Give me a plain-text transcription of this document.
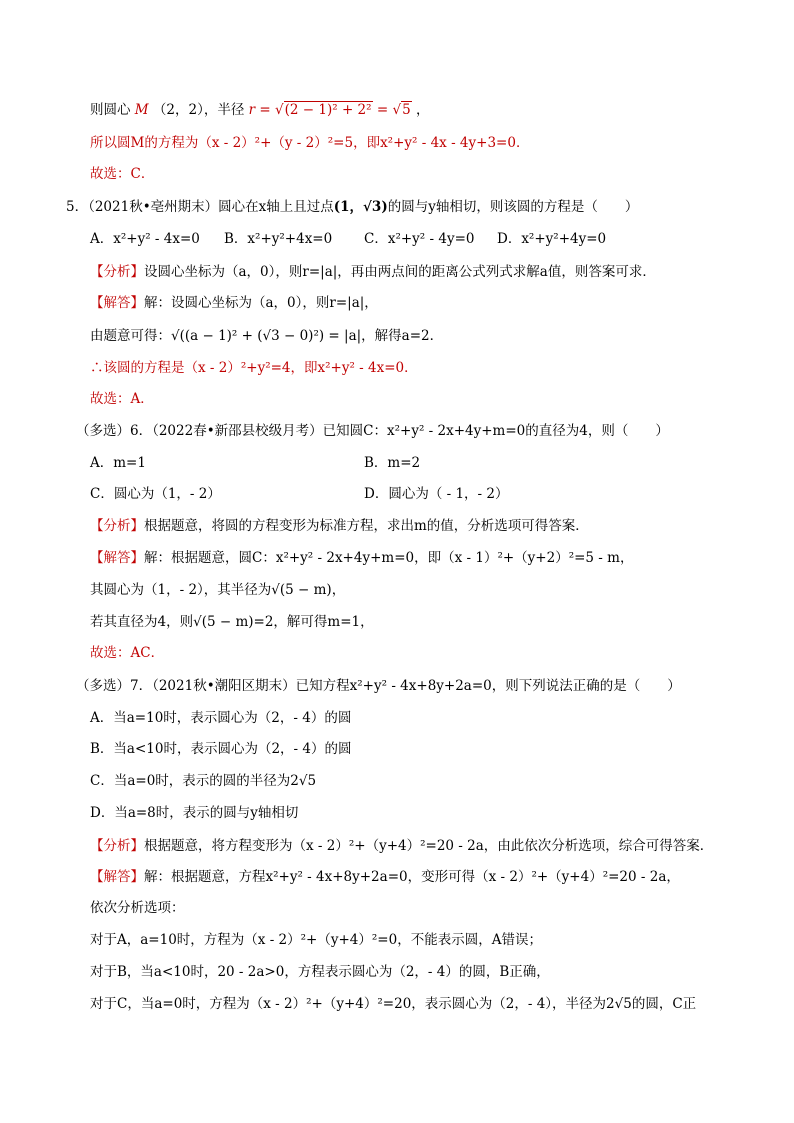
则圆心 M （2，2），半径 r = √(2 − 1)² + 2² = √5 ，
所以圆M的方程为（x - 2）²+（y - 2）²=5，即x²+y² - 4x - 4y+3=0．
故选：C．
5．（2021秋•亳州期末）圆心在x轴上且过点(1，√3)的圆与y轴相切，则该圆的方程是（　　）
A．x²+y² - 4x=0 B．x²+y²+4x=0 C．x²+y² - 4y=0 D．x²+y²+4y=0
【分析】设圆心坐标为（a，0），则r=|a|，再由两点间的距离公式列式求解a值，则答案可求．
【解答】解：设圆心坐标为（a，0），则r=|a|，
由题意可得：√((a − 1)² + (√3 − 0)²) = |a|，解得a=2．
∴该圆的方程是（x - 2）²+y²=4，即x²+y² - 4x=0．
故选：A．
（多选）6．（2022春•新邵县校级月考）已知圆C：x²+y² - 2x+4y+m=0的直径为4，则（　　）
A．m=1	B．m=2
C．圆心为（1，- 2）	D．圆心为（ - 1，- 2）
【分析】根据题意，将圆的方程变形为标准方程，求出m的值，分析选项可得答案．
【解答】解：根据题意，圆C：x²+y² - 2x+4y+m=0，即（x - 1）²+（y+2）²=5 - m，
其圆心为（1，- 2），其半径为√(5 − m)，
若其直径为4，则√(5 − m)=2，解可得m=1，
故选：AC．
（多选）7．（2021秋•潮阳区期末）已知方程x²+y² - 4x+8y+2a=0，则下列说法正确的是（　　）
A．当a=10时，表示圆心为（2，- 4）的圆
B．当a<10时，表示圆心为（2，- 4）的圆
C．当a=0时，表示的圆的半径为2√5
D．当a=8时，表示的圆与y轴相切
【分析】根据题意，将方程变形为（x - 2）²+（y+4）²=20 - 2a，由此依次分析选项，综合可得答案．
【解答】解：根据题意，方程x²+y² - 4x+8y+2a=0，变形可得（x - 2）²+（y+4）²=20 - 2a，
依次分析选项：
对于A，a=10时，方程为（x - 2）²+（y+4）²=0，不能表示圆，A错误；
对于B，当a<10时，20 - 2a>0，方程表示圆心为（2，- 4）的圆，B正确，
对于C，当a=0时，方程为（x - 2）²+（y+4）²=20，表示圆心为（2，- 4），半径为2√5的圆，C正
